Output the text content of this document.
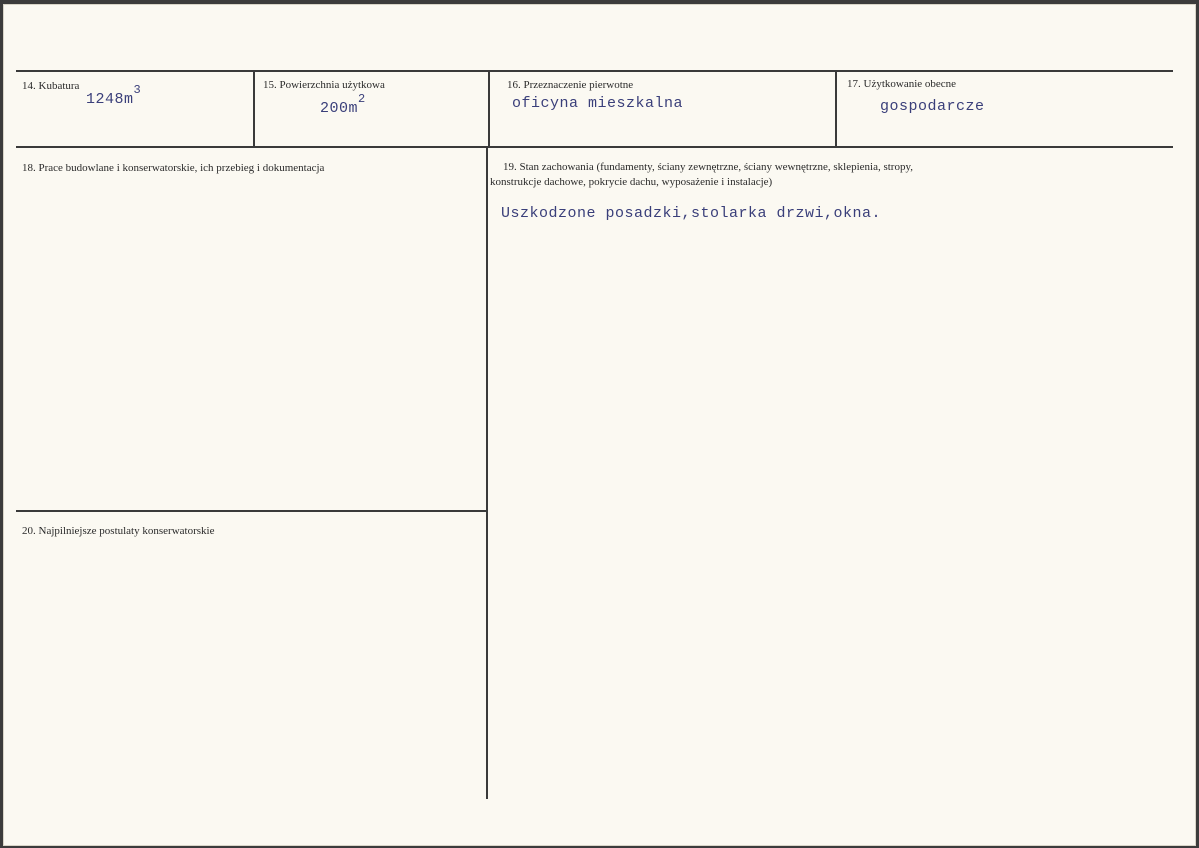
14. Kubatura
$1248m^3$	15. Powierzchnia użytkowa
$200m^2$
16. Przeznaczenie pierwotne
oficyna mieszkalna
17. Użytkowanie obecne
gospodarcze
18. Prace budowlane i konserwatorskie, ich przebieg i dokumentacja	19. Stan zachowania (fundamenty, ściany zewnętrzne, ściany wewnętrzne, sklepienia, stropy,
konstrukcje dachowe, pokrycie dachu, wyposażenie i instalacje)
Uszkodzone posadzki,stolarka drzwi,okna.
20. Najpilniejsze postulaty konserwatorskie
